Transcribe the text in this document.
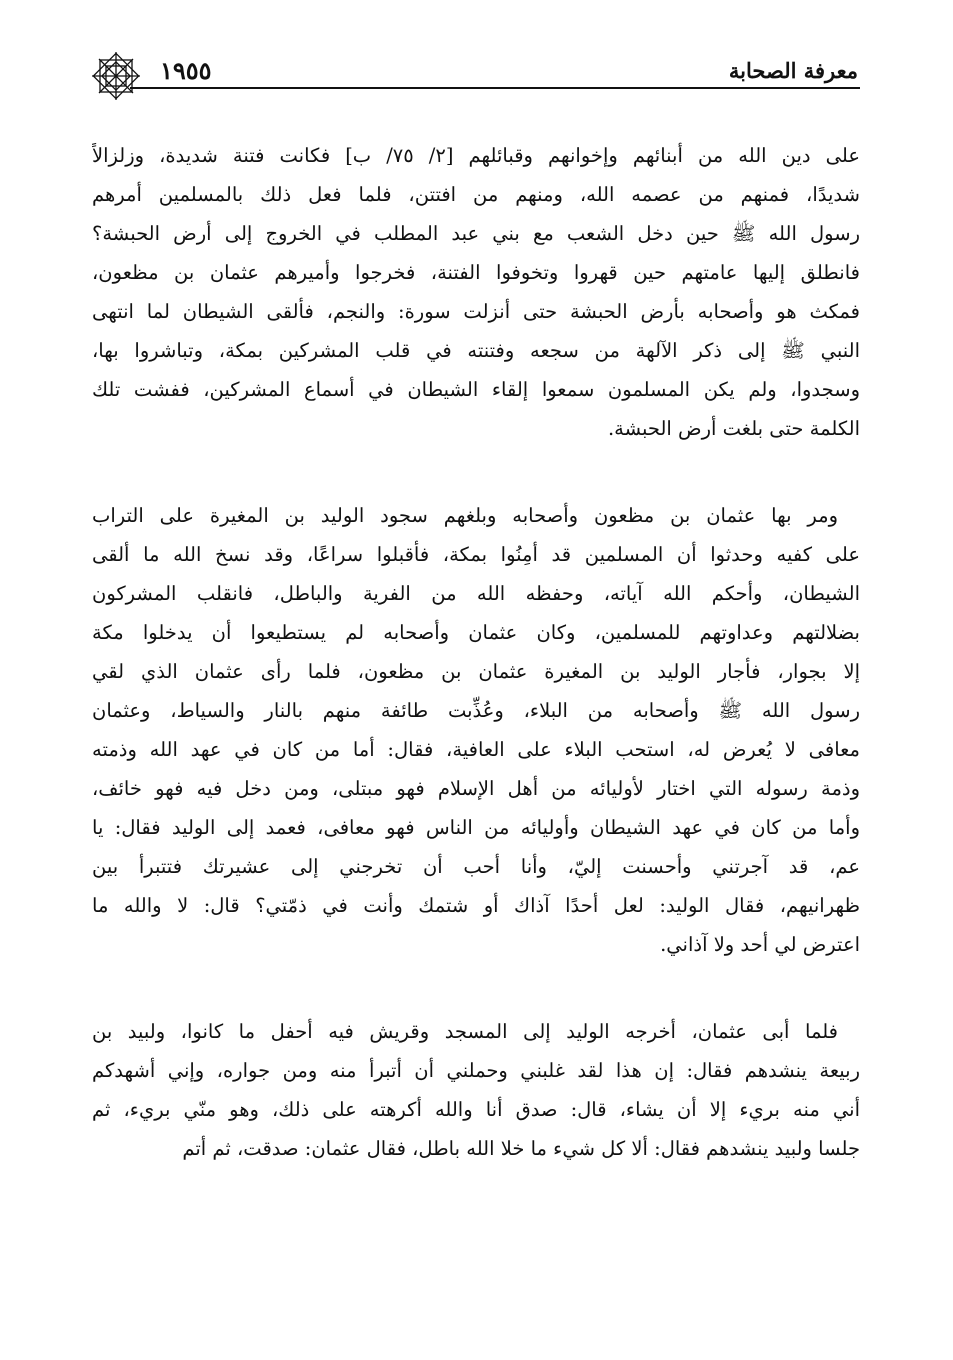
معرفة الصحابة
١٩٥٥
على دين الله من أبنائهم وإخوانهم وقبائلهم [٢/ ٧٥/ ب] فكانت فتنة شديدة، وزلزالاً
شديدًا، فمنهم من عصمه الله، ومنهم من افتتن، فلما فعل ذلك بالمسلمين أمرهم
رسول الله ﷺ حين دخل الشعب مع بني عبد المطلب في الخروج إلى أرض الحبشة؟
فانطلق إليها عامتهم حين قهروا وتخوفوا الفتنة، فخرجوا وأميرهم عثمان بن مظعون،
فمكث هو وأصحابه بأرض الحبشة حتى أنزلت سورة: والنجم، فألقى الشيطان لما انتهى
النبي ﷺ إلى ذكر الآلهة من سجعه وفتنته في قلب المشركين بمكة، وتباشروا بها،
وسجدوا، ولم يكن المسلمون سمعوا إلقاء الشيطان في أسماع المشركين، ففشت تلك
الكلمة حتى بلغت أرض الحبشة.
ومر بها عثمان بن مظعون وأصحابه وبلغهم سجود الوليد بن المغيرة على التراب
على كفيه وحدثوا أن المسلمين قد أمِنُوا بمكة، فأقبلوا سراعًا، وقد نسخ الله ما ألقى
الشيطان، وأحكم الله آياته، وحفظه الله من الفرية والباطل، فانقلب المشركون
بضلالتهم وعداوتهم للمسلمين، وكان عثمان وأصحابه لم يستطيعوا أن يدخلوا مكة
إلا بجوار، فأجار الوليد بن المغيرة عثمان بن مظعون، فلما رأى عثمان الذي لقي
رسول الله ﷺ وأصحابه من البلاء، وعُذِّبت طائفة منهم بالنار والسياط، وعثمان
معافى لا يُعرض له، استحب البلاء على العافية، فقال: أما من كان في عهد الله وذمته
وذمة رسوله التي اختار لأوليائه من أهل الإسلام فهو مبتلى، ومن دخل فيه فهو خائف،
وأما من كان في عهد الشيطان وأوليائه من الناس فهو معافى، فعمد إلى الوليد فقال: يا
عم، قد آجرتني وأحسنت إليّ، وأنا أحب أن تخرجني إلى عشيرتك فتتبرأ بين
ظهرانيهم، فقال الوليد: لعل أحدًا آذاك أو شتمك وأنت في ذمّتي؟ قال: لا والله ما
اعترض لي أحد ولا آذاني.
فلما أبى عثمان، أخرجه الوليد إلى المسجد وقريش فيه أحفل ما كانوا، ولبيد بن
ربيعة ينشدهم فقال: إن هذا لقد غلبني وحملني أن أتبرأ منه ومن جواره، وإني أشهدكم
أني منه بريء إلا أن يشاء، قال: صدق أنا والله أكرهته على ذلك، وهو منّي بريء، ثم
جلسا ولبيد ينشدهم فقال: ألا كل شيء ما خلا الله باطل، فقال عثمان: صدقت، ثم أتم
